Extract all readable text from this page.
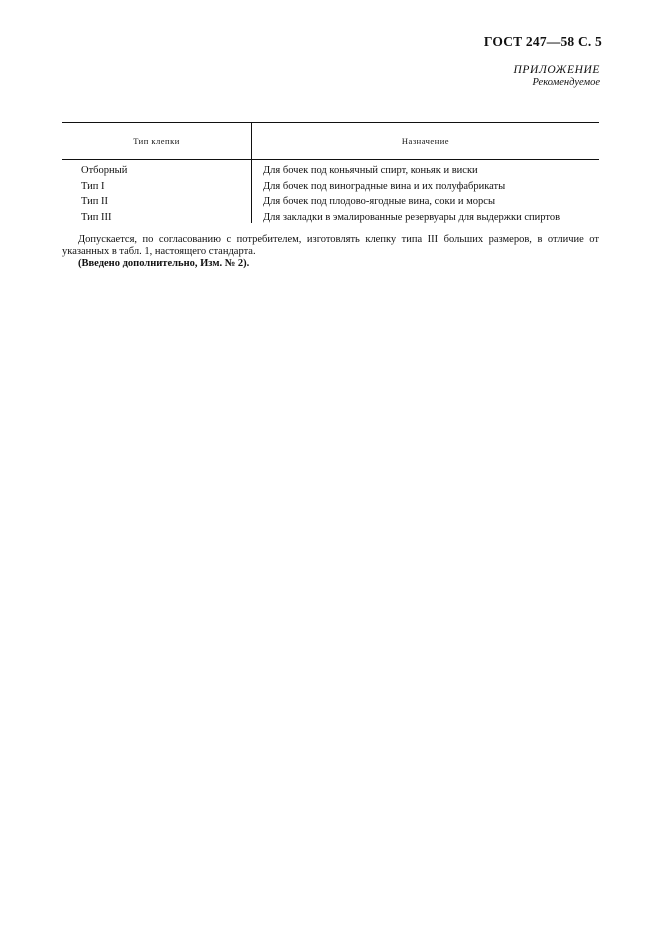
ГОСТ 247—58 С. 5
ПРИЛОЖЕНИЕ
Рекомендуемое
Тип клепки	Назначение
Отборный	Для бочек под коньячный спирт, коньяк и виски
Тип I	Для бочек под виноградные вина и их полуфабрикаты
Тип II	Для бочек под плодово-ягодные вина, соки и морсы
Тип III	Для закладки в эмалированные резервуары для выдержки спиртов
Допускается, по согласованию с потребителем, изготовлять клепку типа III больших размеров, в отличие от указанных в табл. 1, настоящего стандарта.
(Введено дополнительно, Изм. № 2).
